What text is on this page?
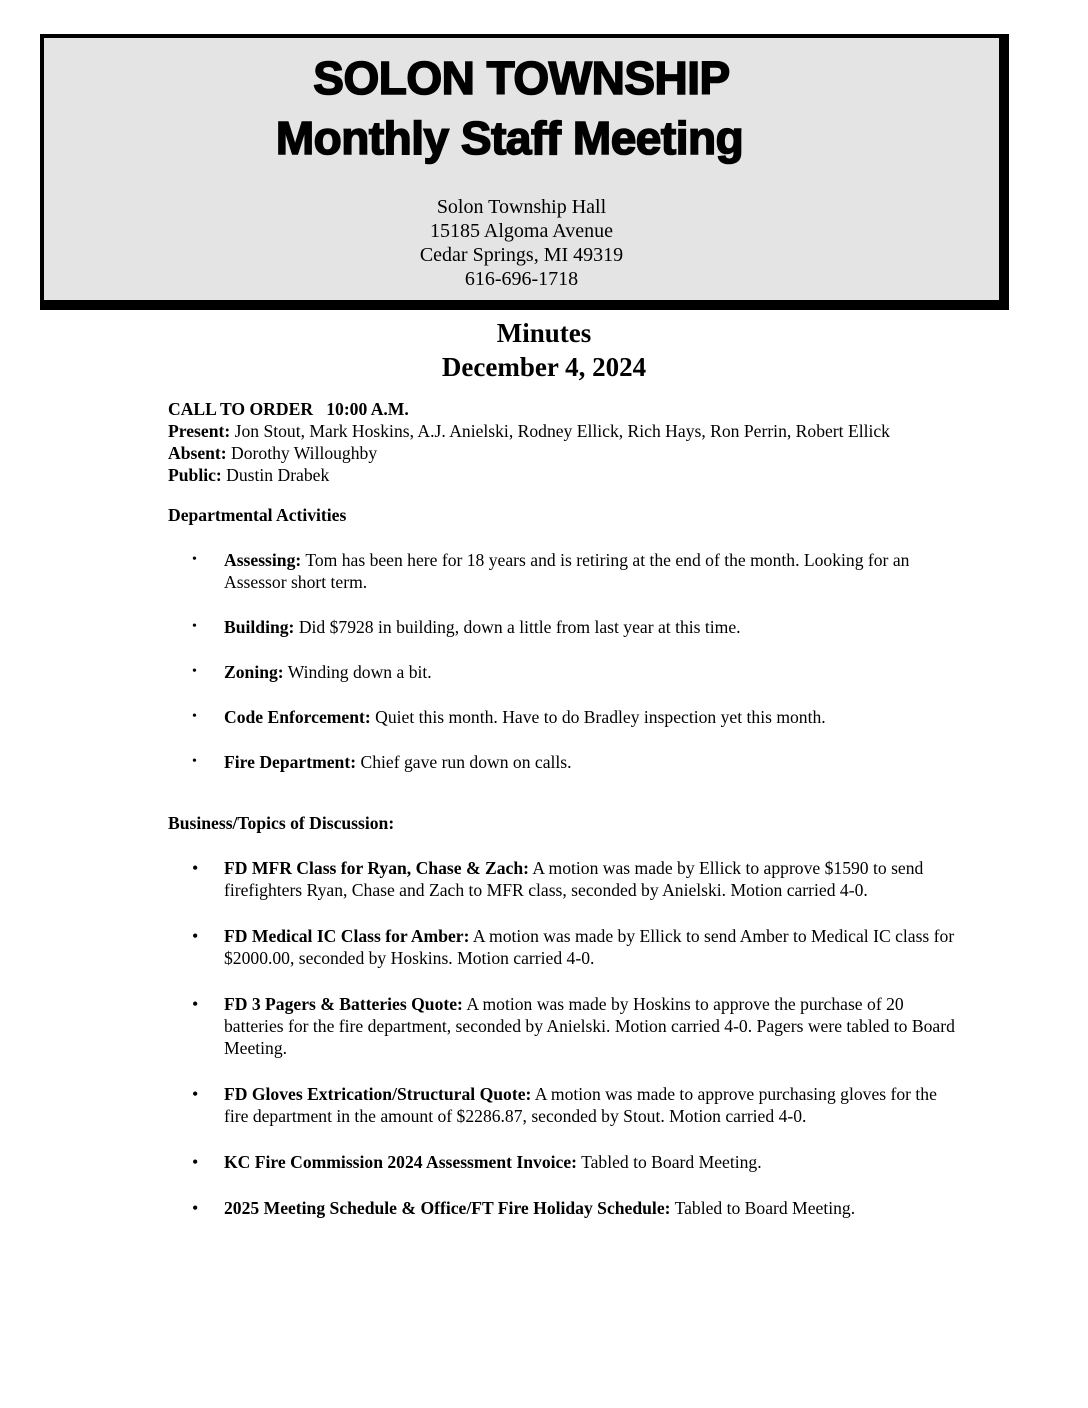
SOLON TOWNSHIP
Monthly Staff Meeting
Solon Township Hall
15185 Algoma Avenue
Cedar Springs, MI 49319
616-696-1718
Minutes
December 4, 2024
CALL TO ORDER   10:00 A.M.

Present: Jon Stout, Mark Hoskins, A.J. Anielski, Rodney Ellick, Rich Hays, Ron Perrin, Robert Ellick

Absent: Dorothy Willoughby

Public: Dustin Drabek

Departmental Activities
• Assessing: Tom has been here for 18 years and is retiring at the end of the month. Looking for an Assessor short term.
• Building: Did $7928 in building, down a little from last year at this time.
• Zoning: Winding down a bit.
• Code Enforcement: Quiet this month. Have to do Bradley inspection yet this month.
• Fire Department: Chief gave run down on calls.
Business/Topics of Discussion:
• FD MFR Class for Ryan, Chase & Zach: A motion was made by Ellick to approve $1590 to send firefighters Ryan, Chase and Zach to MFR class, seconded by Anielski. Motion carried 4-0.
• FD Medical IC Class for Amber: A motion was made by Ellick to send Amber to Medical IC class for $2000.00, seconded by Hoskins. Motion carried 4-0.
• FD 3 Pagers & Batteries Quote: A motion was made by Hoskins to approve the purchase of 20 batteries for the fire department, seconded by Anielski. Motion carried 4-0. Pagers were tabled to Board Meeting.
• FD Gloves Extrication/Structural Quote: A motion was made to approve purchasing gloves for the fire department in the amount of $2286.87, seconded by Stout. Motion carried 4-0.
• KC Fire Commission 2024 Assessment Invoice: Tabled to Board Meeting.
• 2025 Meeting Schedule & Office/FT Fire Holiday Schedule: Tabled to Board Meeting.
